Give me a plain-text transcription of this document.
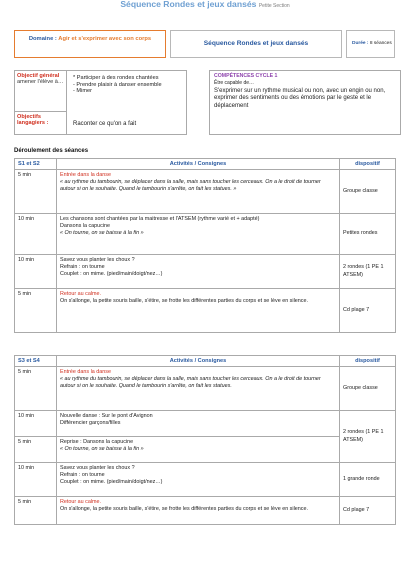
Séquence Rondes et jeux dansés Petite Section
Domaine : Agir et s'exprimer avec son corps
Séquence Rondes et jeux dansés	Durée : 8 séances
Objectif général
amener l'élève à…
* Participer à des rondes chantées
- Prendre plaisir à danser ensemble
- Mimer
Objectifs langagiers :	Raconter ce qu'on a fait
COMPÉTENCES CYCLE 1
Être capable de…
S'exprimer sur un rythme musical ou non, avec un engin ou non, exprimer des sentiments ou des émotions par le geste et le déplacement
Déroulement des séances
S1 et S2	Activités / Consignes	dispositif
5 min	Entrée dans la danse
« au rythme du tambourin, se déplacer dans la salle, mais sans toucher les cerceaux. On a le droit de tourner autour si on le souhaite. Quand le tambourin s'arrête, on fait les statues. »	Groupe classe
10 min	Les chansons sont chantées par la maitresse et l'ATSEM (rythme varié et + adapté)
Dansons la capucine
« On tourne, on se baisse à la fin »	Petites rondes
10 min	Savez vous planter les choux ?
Refrain : on tourne
Couplet : on mime. (pied/main/doigt/nez…)	2 rondes (1 PE 1 ATSEM)
5 min	Retour au calme.
On s'allonge, la petite souris baille, s'étire, se frotte les différentes parties du corps et se lève en silence.	Cd plage 7
S3 et S4	Activités / Consignes	dispositif
5 min	Entrée dans la danse
« au rythme du tambourin, se déplacer dans la salle, mais sans toucher les cerceaux. On a le droit de tourner autour si on le souhaite. Quand le tambourin s'arrête, on fait les statues.	Groupe classe
10 min	Nouvelle danse : Sur le pont d'Avignon
Différencier garçons/filles	2 rondes (1 PE 1 ATSEM)
5 min	Reprise : Dansons la capucine
« On tourne, on se baisse à la fin »	
10 min	Savez vous planter les choux ?
Refrain : on tourne
Couplet : on mime. (pied/main/doigt/nez…)	1 grande ronde
5 min	Retour au calme.
On s'allonge, la petite souris baille, s'étire, se frotte les différentes parties du corps et se lève en silence.	Cd plage 7
